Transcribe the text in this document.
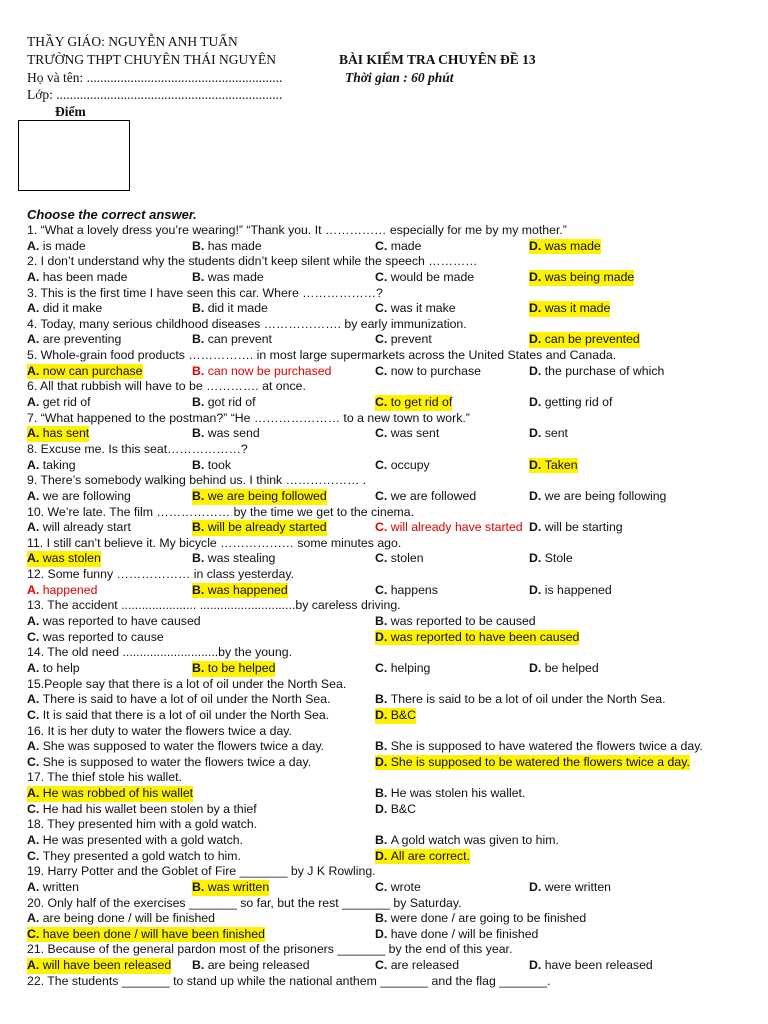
THẦY GIÁO: NGUYỄN ANH TUẤN
TRƯỜNG THPT CHUYÊN THÁI NGUYÊN	BÀI KIỂM TRA CHUYÊN ĐỀ 13
Họ và tên: ..........................................................	Thời gian : 60 phút
Lớp: ...................................................................
Điểm
Choose the correct answer.
1. “What a lovely dress you’re wearing!” “Thank you. It …………… especially for me by my mother.”
A. is made	B. has made	C. made	D. was made
2. I don’t understand why the students didn’t keep silent while the speech …………
A. has been made	B. was made	C. would be made	D. was being made
3. This is the first time I have seen this car. Where ………………?
A. did it make	B. did it made	C. was it make	D. was it made
4. Today, many serious childhood diseases ………………. by early immunization.
A. are preventing	B. can prevent	C. prevent	D. can be prevented
5. Whole-grain food products ……………. in most large supermarkets across the United States and Canada.
A. now can purchase	B. can now be purchased	C. now to purchase	D. the purchase of which
6. All that rubbish will have to be …………. at once.
A. get rid of	B. got rid of	C. to get rid of	D. getting rid of
7. “What happened to the postman?” “He ………………… to a new town to work.”
A. has sent	B. was send	C. was sent	D. sent
8. Excuse me. Is this seat………………?
A. taking	B. took	C. occupy	D. Taken
9. There’s somebody walking behind us. I think ……………… .
A. we are following	B. we are being followed	C. we are followed	D. we are being following
10. We’re late. The film ……………… by the time we get to the cinema.
A. will already start	B. will be already started	C. will already have started D. will be starting
11. I still can’t believe it. My bicycle ……………… some minutes ago.
A. was stolen	B. was stealing	C. stolen	D. Stole
12. Some funny ……………… in class yesterday.
A. happened	B. was happened	C. happens	D. is happened
13. The accident ...................... ............................by careless driving.
A. was reported to have caused	B. was reported to be caused
C. was reported to cause	D. was reported to have been caused
14. The old need ............................by the young.
A. to help	B. to be helped	C. helping	D. be helped
15.People say that there is a lot of oil under the North Sea.
A. There is said to have a lot of oil under the North Sea.	B. There is said to be a lot of oil under the North Sea.
C. It is said that there is a lot of oil under the North Sea.	D. B&C
16. It is her duty to water the flowers twice a day.
A. She was supposed to water the flowers twice a day.	B. She is supposed to have watered the flowers twice a day.
C. She is supposed to water the flowers twice a day.	D. She is supposed to be watered the flowers twice a day.
17. The thief stole his wallet.
A. He was robbed of his wallet	B. He was stolen his wallet.
C. He had his wallet been stolen by a thief	D. B&C
18. They presented him with a gold watch.
A. He was presented with a gold watch.	B. A gold watch was given to him.
C. They presented a gold watch to him.	D. All are correct.
19. Harry Potter and the Goblet of Fire _______ by J K Rowling.
A. written	B. was written	C. wrote	D. were written
20. Only half of the exercises _______ so far, but the rest _______ by Saturday.
A. are being done / will be finished	B. were done / are going to be finished
C. have been done / will have been finished	D. have done / will be finished
21. Because of the general pardon most of the prisoners _______ by the end of this year.
A. will have been released B. are being released	C. are released	D. have been released
22. The students _______ to stand up while the national anthem _______ and the flag _______.
